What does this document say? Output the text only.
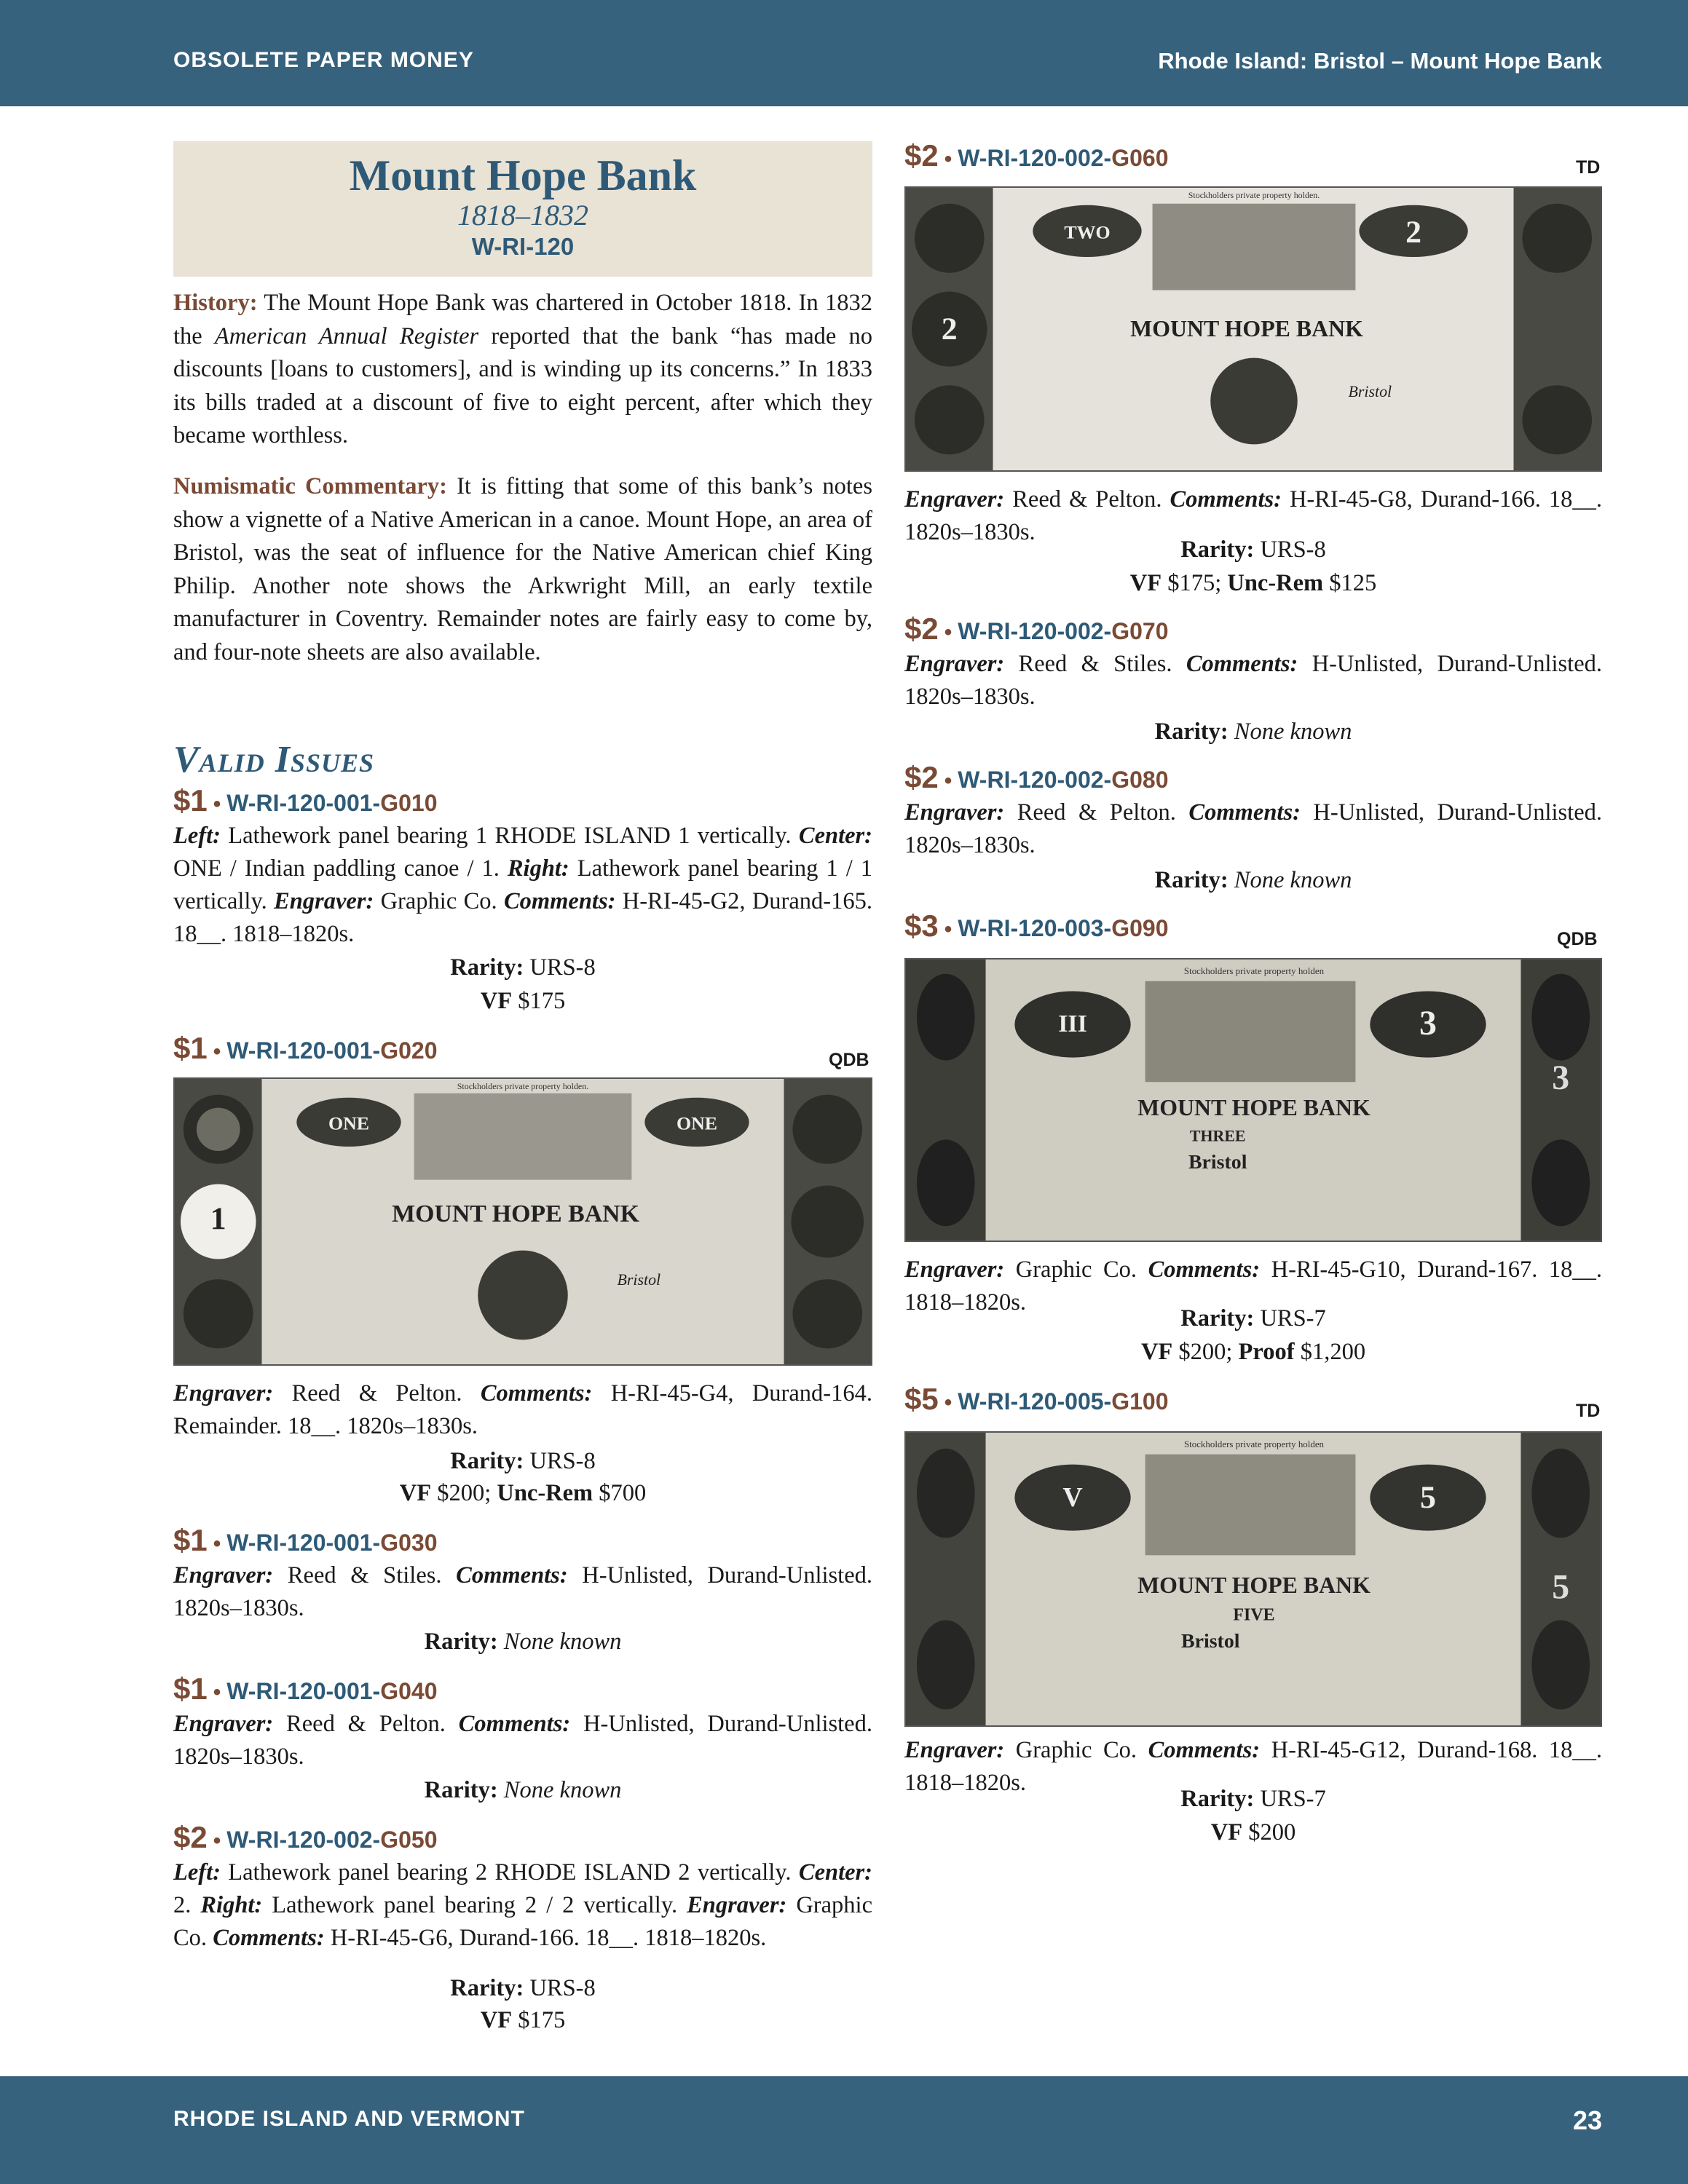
OBSOLETE PAPER MONEY	Rhode Island: Bristol – Mount Hope Bank
RHODE ISLAND AND VERMONT	23
Mount Hope Bank
1818–1832
W-RI-120
History: The Mount Hope Bank was chartered in October 1818. In 1832 the American Annual Register reported that the bank “has made no discounts [loans to customers], and is winding up its concerns.” In 1833 its bills traded at a discount of five to eight percent, after which they became worthless.
Numismatic Commentary: It is fitting that some of this bank’s notes show a vignette of a Native American in a canoe. Mount Hope, an area of Bristol, was the seat of influence for the Native American chief King Philip. Another note shows the Arkwright Mill, an early textile manufacturer in Coventry. Remainder notes are fairly easy to come by, and four-note sheets are also available.
Valid Issues
$1 • W-RI-120-001-G010
Left: Lathework panel bearing 1 RHODE ISLAND 1 vertically. Center: ONE / Indian paddling canoe / 1. Right: Lathework panel bearing 1 / 1 vertically. Engraver: Graphic Co. Comments: H-RI-45-G2, Durand-165. 18__. 1818–1820s.
Rarity: URS-8
VF $175
$1 • W-RI-120-001-G020	QDB
1
ONE	ONE
Stockholders private property holden.
MOUNT HOPE BANK
Bristol
Engraver: Reed & Pelton. Comments: H-RI-45-G4, Durand-164. Remainder. 18__. 1820s–1830s.
Rarity: URS-8
VF $200; Unc-Rem $700
$1 • W-RI-120-001-G030
Engraver: Reed & Stiles. Comments: H-Unlisted, Durand-Unlisted. 1820s–1830s.
Rarity: None known
$1 • W-RI-120-001-G040
Engraver: Reed & Pelton. Comments: H-Unlisted, Durand-Unlisted. 1820s–1830s.
Rarity: None known
$2 • W-RI-120-002-G050
Left: Lathework panel bearing 2 RHODE ISLAND 2 vertically. Center: 2. Right: Lathework panel bearing 2 / 2 vertically. Engraver: Graphic Co. Comments: H-RI-45-G6, Durand-166. 18__. 1818–1820s.
Rarity: URS-8
VF $175
$2 • W-RI-120-002-G060	TD
2
TWO	2
Stockholders private property holden.
MOUNT HOPE BANK
Bristol
Engraver: Reed & Pelton. Comments: H-RI-45-G8, Durand-166. 18__. 1820s–1830s.
Rarity: URS-8
VF $175; Unc-Rem $125
$2 • W-RI-120-002-G070
Engraver: Reed & Stiles. Comments: H-Unlisted, Durand-Unlisted. 1820s–1830s.
Rarity: None known
$2 • W-RI-120-002-G080
Engraver: Reed & Pelton. Comments: H-Unlisted, Durand-Unlisted. 1820s–1830s.
Rarity: None known
$3 • W-RI-120-003-G090	QDB
III	3
3
Stockholders private property holden
MOUNT HOPE BANK
THREE
Bristol
Engraver: Graphic Co. Comments: H-RI-45-G10, Durand-167. 18__. 1818–1820s.
Rarity: URS-7
VF $200; Proof $1,200
$5 • W-RI-120-005-G100	TD
V	5
5
Stockholders private property holden
MOUNT HOPE BANK
FIVE
Bristol
Engraver: Graphic Co. Comments: H-RI-45-G12, Durand-168. 18__. 1818–1820s.
Rarity: URS-7
VF $200
